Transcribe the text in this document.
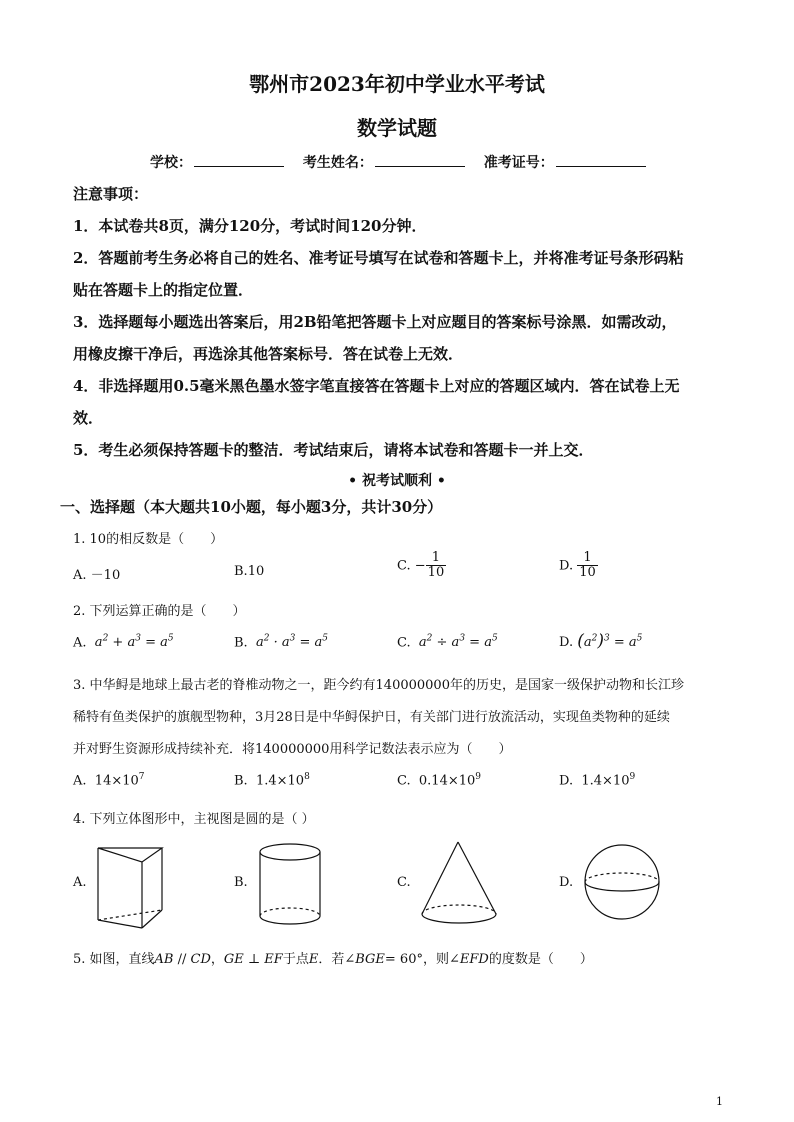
鄂州市2023年初中学业水平考试
数学试题
学校：	考生姓名：	准考证号：
注意事项：
1．本试卷共8页，满分120分，考试时间120分钟．
2．答题前考生务必将自己的姓名、准考证号填写在试卷和答题卡上，并将准考证号条形码粘
贴在答题卡上的指定位置．
3．选择题每小题选出答案后，用2B铅笔把答题卡上对应题目的答案标号涂黑．如需改动，
用橡皮擦干净后，再选涂其他答案标号．答在试卷上无效．
4．非选择题用0.5毫米黑色墨水签字笔直接答在答题卡上对应的答题区域内．答在试卷上无
效．
5．考生必须保持答题卡的整洁．考试结束后，请将本试卷和答题卡一并上交．
• 祝考试顺利 •
一、选择题（本大题共10小题，每小题3分，共计30分）
1. 10的相反数是（　　）
A. －10	B.10	C. − $\frac{1}{10}$	D. $\frac{1}{10}$
2. 下列运算正确的是（　　）
A. $a^2 + a^3 = a^5$	B. $a^2 \cdot a^3 = a^5$	C. $a^2 \div a^3 = a^5$	D. $(a^2)^3 = a^5$
3. 中华鲟是地球上最古老的脊椎动物之一，距今约有140000000年的历史，是国家一级保护动物和长江珍
稀特有鱼类保护的旗舰型物种，3月28日是中华鲟保护日，有关部门进行放流活动，实现鱼类物种的延续
并对野生资源形成持续补充．将140000000用科学记数法表示应为（　　）
A. $14\times 10^7$	B. $1.4\times 10^8$	C. $0.14\times 10^9$	D. $1.4\times 10^9$
4. 下列立体图形中，主视图是圆的是（ ）
A.	B.	C.	D.
5. 如图，直线AB // CD，GE ⊥ EF于点E．若∠BGE= 60°，则∠EFD的度数是（　　）
1
